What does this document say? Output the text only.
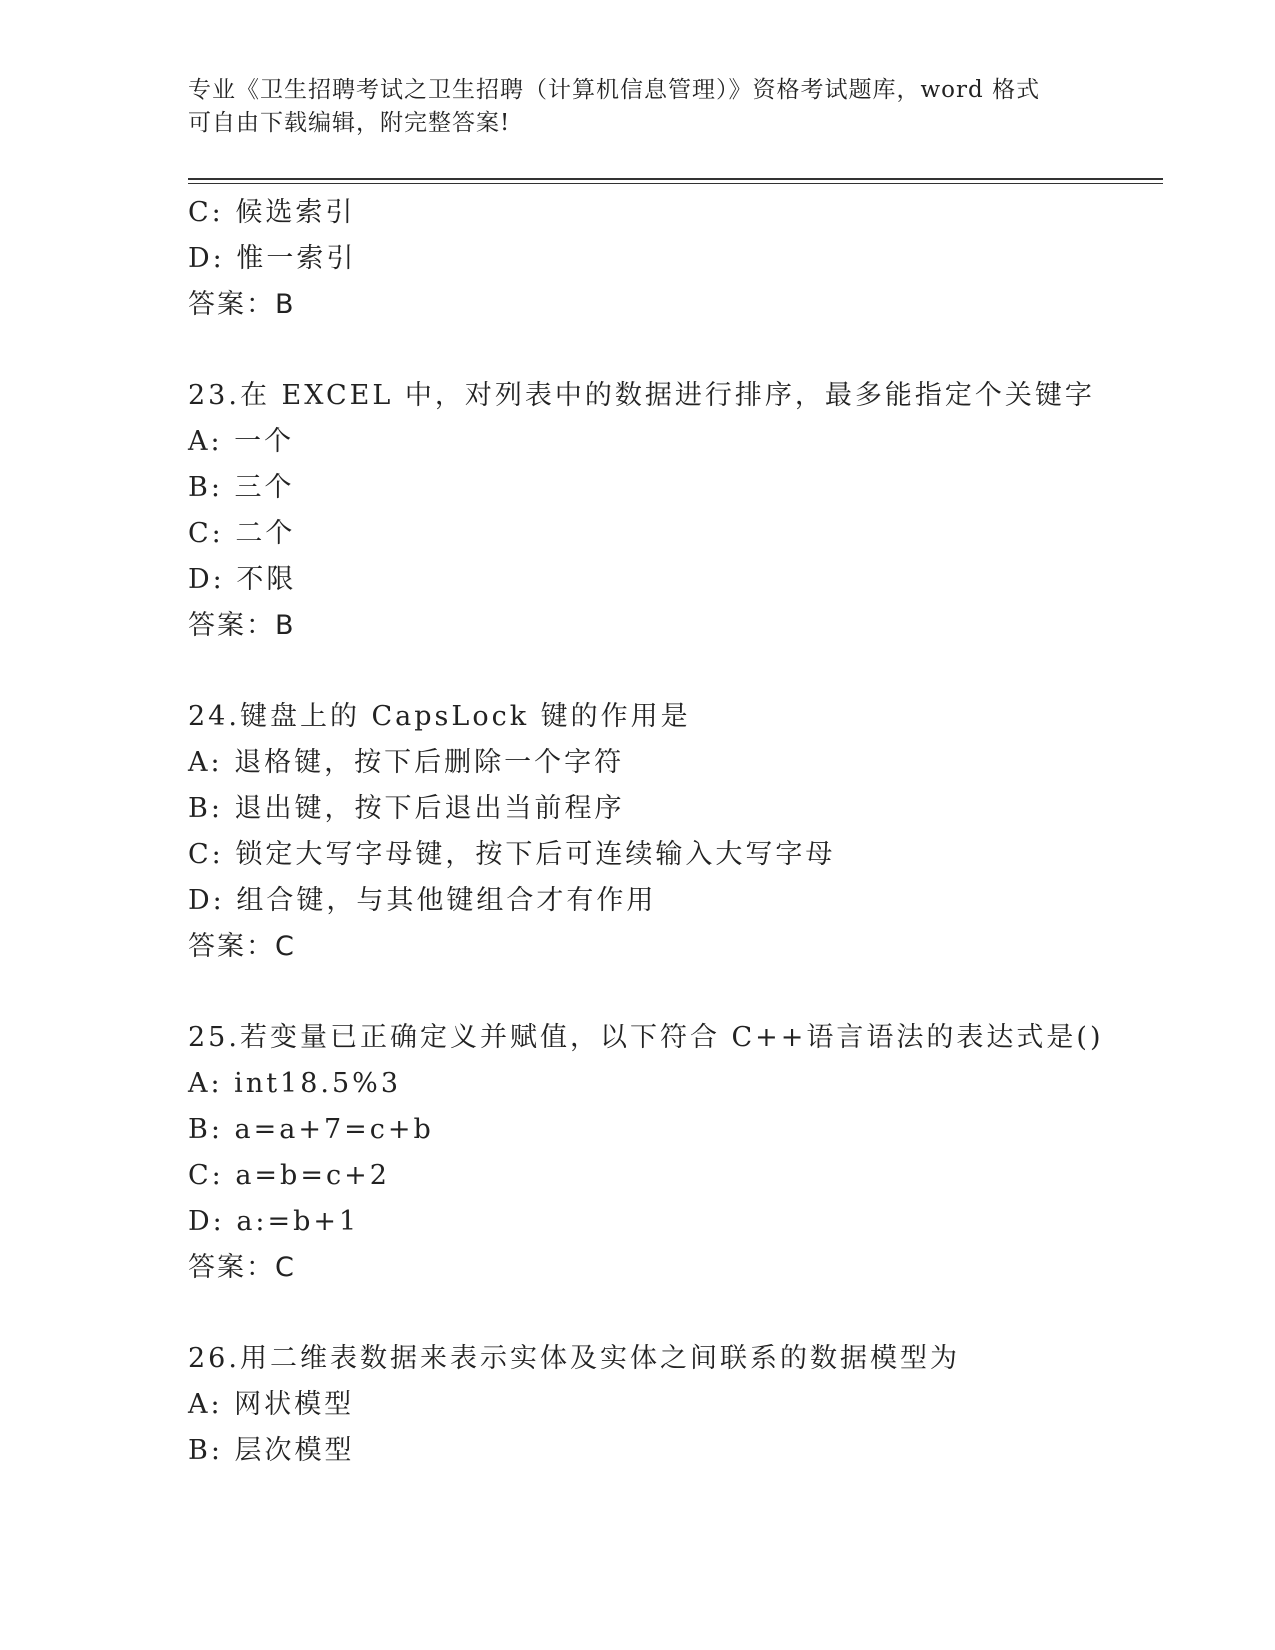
专业《卫生招聘考试之卫生招聘（计算机信息管理）》资格考试题库，word 格式
可自由下载编辑，附完整答案!
C: 候选索引
D: 惟一索引
答案：B
23.在 EXCEL 中，对列表中的数据进行排序，最多能指定个关键字
A: 一个
B: 三个
C: 二个
D: 不限
答案：B
24.键盘上的 CapsLock 键的作用是
A: 退格键，按下后删除一个字符
B: 退出键，按下后退出当前程序
C: 锁定大写字母键，按下后可连续输入大写字母
D: 组合键，与其他键组合才有作用
答案：C
25.若变量已正确定义并赋值，以下符合 C++语言语法的表达式是()
A: int18.5%3
B: a=a+7=c+b
C: a=b=c+2
D: a:=b+1
答案：C
26.用二维表数据来表示实体及实体之间联系的数据模型为
A: 网状模型
B: 层次模型
